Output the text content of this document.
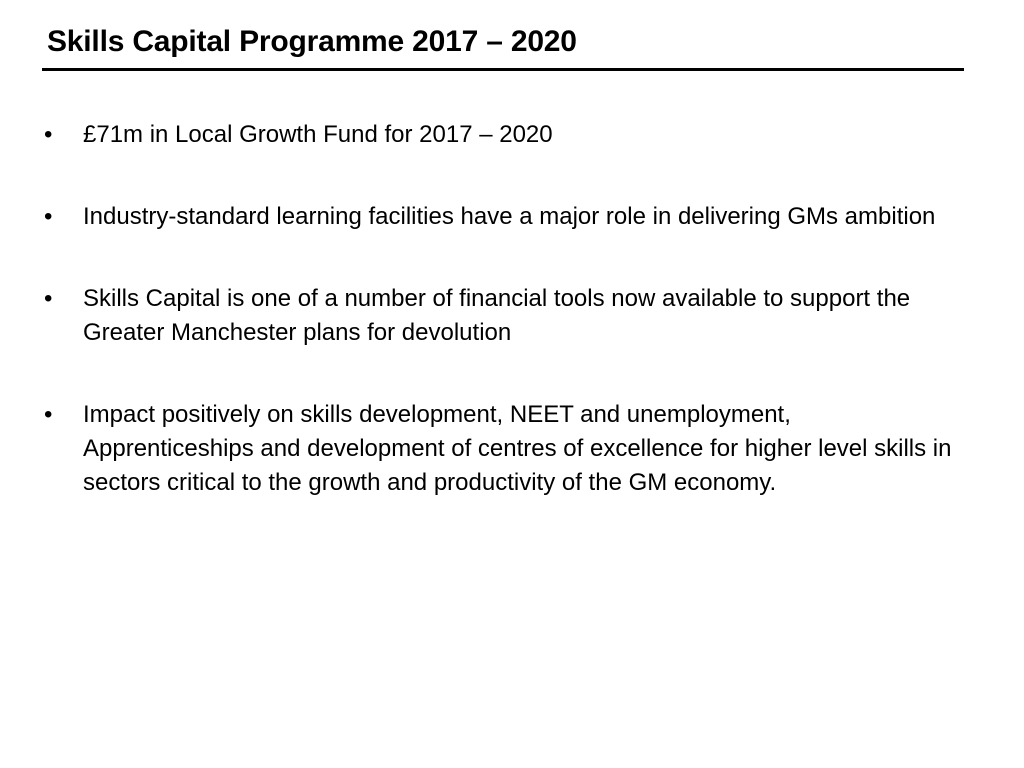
Skills Capital Programme 2017 – 2020
•	£71m in Local Growth Fund for 2017 – 2020
•	Industry-standard learning facilities have a major role in delivering GMs ambition
•	Skills Capital is one of a number of financial tools now available to support the Greater Manchester plans for devolution
•	Impact positively on skills development, NEET and unemployment, Apprenticeships and development of centres of excellence for higher level skills in sectors critical to the growth and productivity of the GM economy.
